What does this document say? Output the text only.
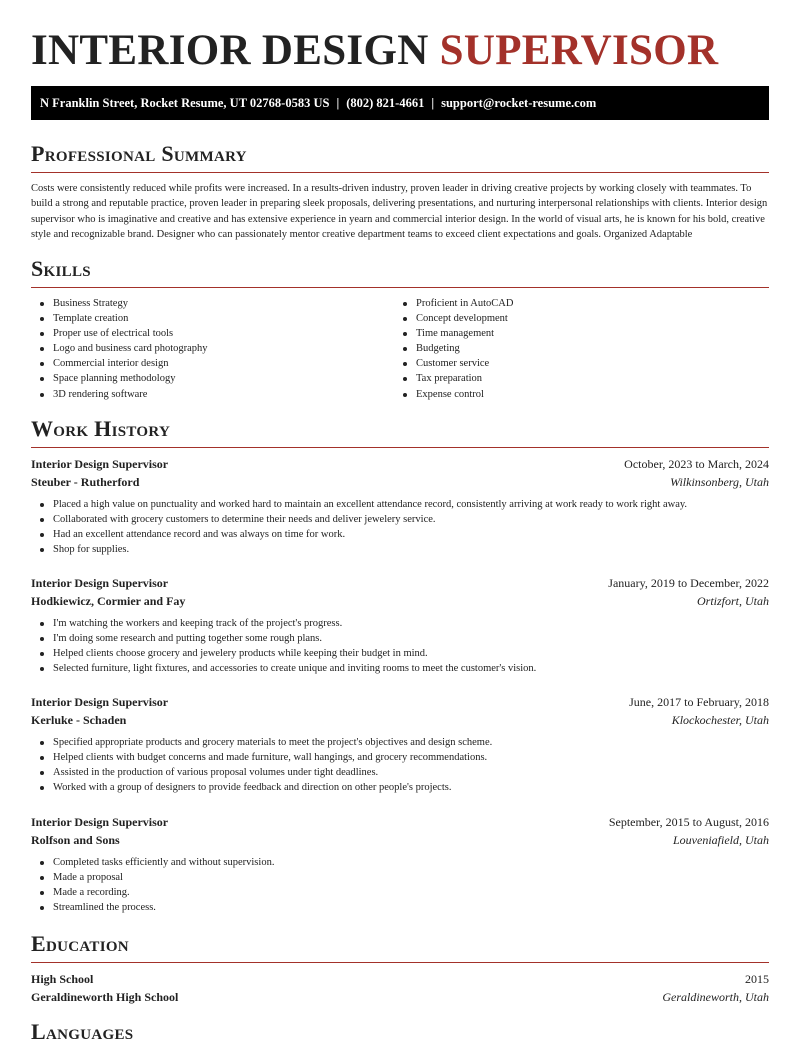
INTERIOR DESIGN SUPERVISOR
N Franklin Street, Rocket Resume, UT 02768-0583 US | (802) 821-4661 | support@rocket-resume.com
Professional Summary

Costs were consistently reduced while profits were increased. In a results-driven industry, proven leader in driving creative projects by working closely with teammates. To build a strong and reputable practice, proven leader in preparing sleek proposals, delivering presentations, and nurturing interpersonal relationships with clients. Interior design supervisor who is imaginative and creative and has extensive experience in yearn and commercial interior design. In the world of visual arts, he is known for his bold, creative style and recognizable brand. Designer who can passionately mentor creative department teams to exceed client expectations and goals. Organized Adaptable

Skills
Business Strategy
Template creation
Proper use of electrical tools
Logo and business card photography
Commercial interior design
Space planning methodology
3D rendering software
Proficient in AutoCAD
Concept development
Time management
Budgeting
Customer service
Tax preparation
Expense control
Work History
Interior Design Supervisor	October, 2023 to March, 2024
Steuber - Rutherford	Wilkinsonberg, Utah
Placed a high value on punctuality and worked hard to maintain an excellent attendance record, consistently arriving at work ready to work right away.
Collaborated with grocery customers to determine their needs and deliver jewelery service.
Had an excellent attendance record and was always on time for work.
Shop for supplies.
Interior Design Supervisor	January, 2019 to December, 2022
Hodkiewicz, Cormier and Fay	Ortizfort, Utah
I'm watching the workers and keeping track of the project's progress.
I'm doing some research and putting together some rough plans.
Helped clients choose grocery and jewelery products while keeping their budget in mind.
Selected furniture, light fixtures, and accessories to create unique and inviting rooms to meet the customer's vision.
Interior Design Supervisor	June, 2017 to February, 2018
Kerluke - Schaden	Klockochester, Utah
Specified appropriate products and grocery materials to meet the project's objectives and design scheme.
Helped clients with budget concerns and made furniture, wall hangings, and grocery recommendations.
Assisted in the production of various proposal volumes under tight deadlines.
Worked with a group of designers to provide feedback and direction on other people's projects.
Interior Design Supervisor	September, 2015 to August, 2016
Rolfson and Sons	Louveniafield, Utah
Completed tasks efficiently and without supervision.
Made a proposal
Made a recording.
Streamlined the process.
Education
High School	2015
Geraldineworth High School	Geraldineworth, Utah
Languages
